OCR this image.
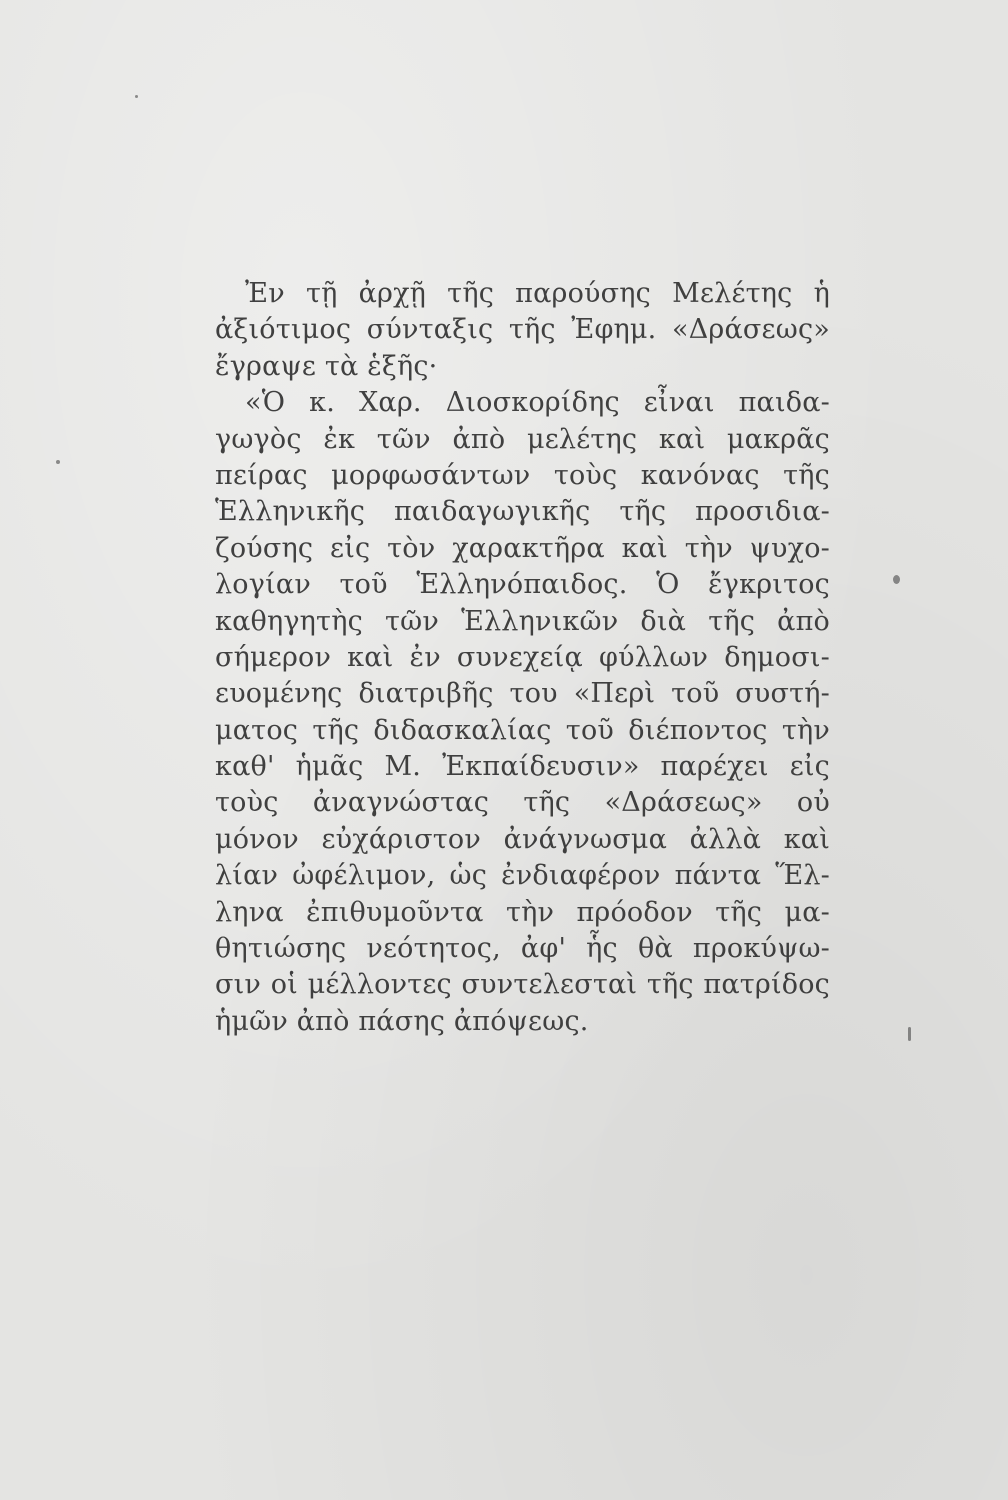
Ἐν τῇ ἀρχῇ τῆς παρούσης Μελέτης ἡ
ἀξιότιμος σύνταξις τῆς Ἐφημ. «Δράσεως»
ἔγραψε τὰ ἑξῆς·
«Ὁ κ. Χαρ. Διοσκορίδης εἶναι παιδα-
γωγὸς ἐκ τῶν ἀπὸ μελέτης καὶ μακρᾶς
πείρας μορφωσάντων τοὺς κανόνας τῆς
Ἑλληνικῆς παιδαγωγικῆς τῆς προσιδια-
ζούσης εἰς τὸν χαρακτῆρα καὶ τὴν ψυχο-
λογίαν τοῦ Ἑλληνόπαιδος. Ὁ ἔγκριτος
καθηγητὴς τῶν Ἑλληνικῶν διὰ τῆς ἀπὸ
σήμερον καὶ ἐν συνεχείᾳ φύλλων δημοσι-
ευομένης διατριβῆς του «Περὶ τοῦ συστή-
ματος τῆς διδασκαλίας τοῦ διέποντος τὴν
καθ' ἡμᾶς Μ. Ἐκπαίδευσιν» παρέχει εἰς
τοὺς ἀναγνώστας τῆς «Δράσεως» οὐ
μόνον εὐχάριστον ἀνάγνωσμα ἀλλὰ καὶ
λίαν ὠφέλιμον, ὡς ἐνδιαφέρον πάντα Ἕλ-
ληνα ἐπιθυμοῦντα τὴν πρόοδον τῆς μα-
θητιώσης νεότητος, ἀφ' ἧς θὰ προκύψω-
σιν οἱ μέλλοντες συντελεσταὶ τῆς πατρίδος
ἡμῶν ἀπὸ πάσης ἀπόψεως.
